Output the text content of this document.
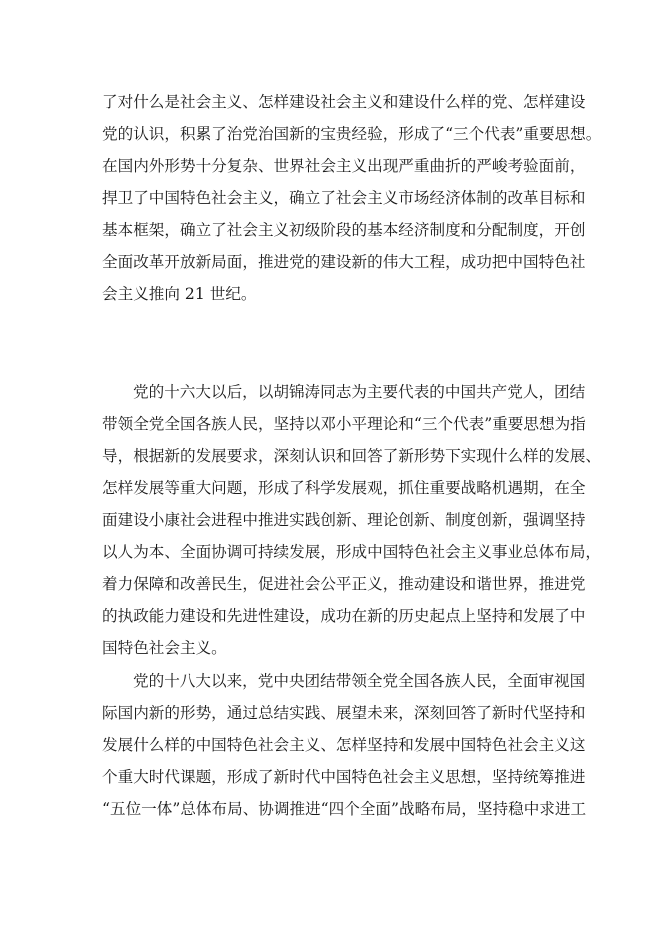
了对什么是社会主义、怎样建设社会主义和建设什么样的党、怎样建设
党的认识，积累了治党治国新的宝贵经验，形成了“三个代表”重要思想。
在国内外形势十分复杂、世界社会主义出现严重曲折的严峻考验面前，
捍卫了中国特色社会主义，确立了社会主义市场经济体制的改革目标和
基本框架，确立了社会主义初级阶段的基本经济制度和分配制度，开创
全面改革开放新局面，推进党的建设新的伟大工程，成功把中国特色社
会主义推向 21 世纪。
党的十六大以后，以胡锦涛同志为主要代表的中国共产党人，团结
带领全党全国各族人民，坚持以邓小平理论和“三个代表”重要思想为指
导，根据新的发展要求，深刻认识和回答了新形势下实现什么样的发展、
怎样发展等重大问题，形成了科学发展观，抓住重要战略机遇期，在全
面建设小康社会进程中推进实践创新、理论创新、制度创新，强调坚持
以人为本、全面协调可持续发展，形成中国特色社会主义事业总体布局，
着力保障和改善民生，促进社会公平正义，推动建设和谐世界，推进党
的执政能力建设和先进性建设，成功在新的历史起点上坚持和发展了中
国特色社会主义。
党的十八大以来，党中央团结带领全党全国各族人民，全面审视国
际国内新的形势，通过总结实践、展望未来，深刻回答了新时代坚持和
发展什么样的中国特色社会主义、怎样坚持和发展中国特色社会主义这
个重大时代课题，形成了新时代中国特色社会主义思想，坚持统筹推进
“五位一体”总体布局、协调推进“四个全面”战略布局，坚持稳中求进工
